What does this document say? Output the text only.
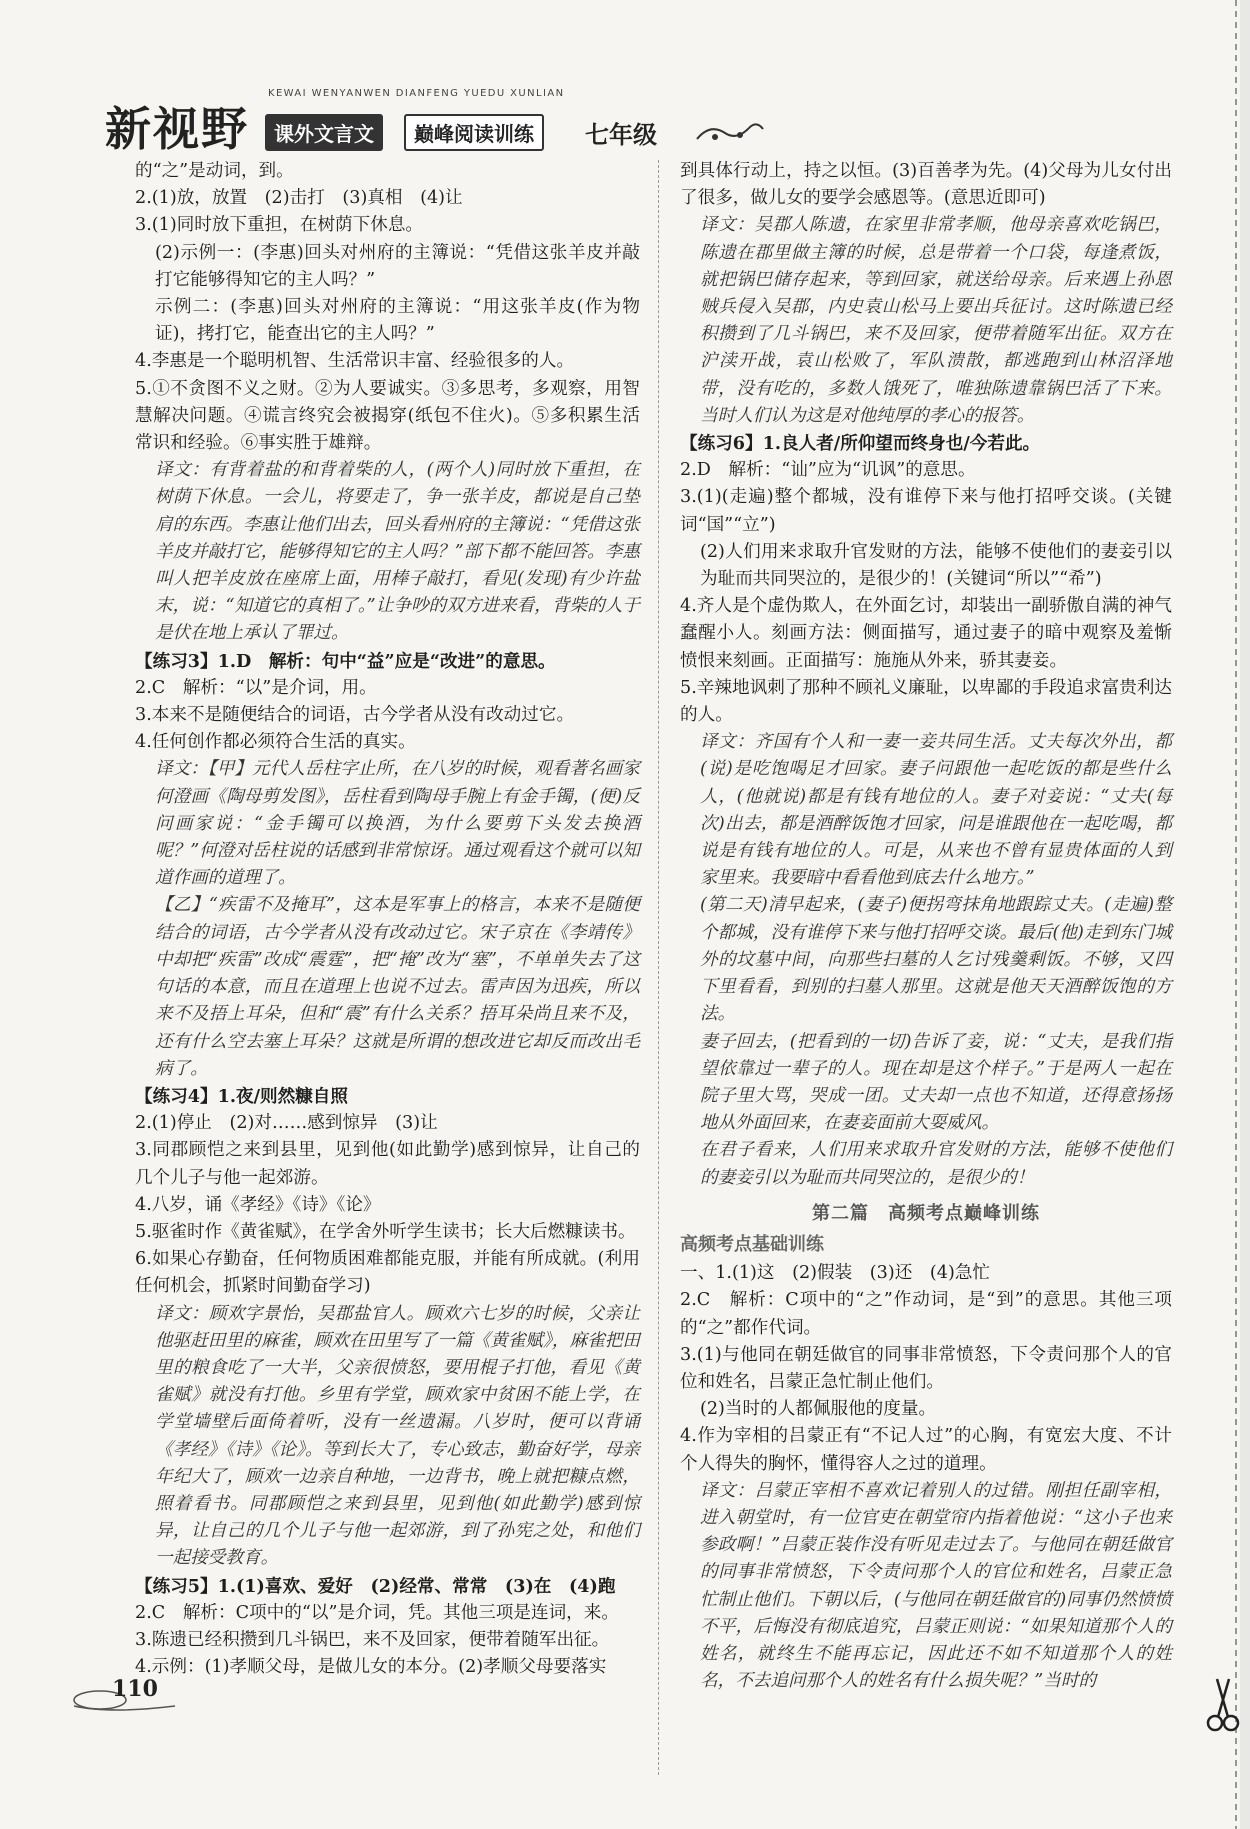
新视野
KEWAI WENYANWEN DIANFENG YUEDU XUNLIAN
课外文言文	巅峰阅读训练	七年级

的“之”是动词，到。

2.(1)放，放置　(2)击打　(3)真相　(4)让

3.(1)同时放下重担，在树荫下休息。

(2)示例一：(李惠)回头对州府的主簿说：“凭借这张羊皮并敲打它能够得知它的主人吗？”

示例二：(李惠)回头对州府的主簿说：“用这张羊皮(作为物证)，拷打它，能查出它的主人吗？”

4.李惠是一个聪明机智、生活常识丰富、经验很多的人。

5.①不贪图不义之财。②为人要诚实。③多思考，多观察，用智慧解决问题。④谎言终究会被揭穿(纸包不住火)。⑤多积累生活常识和经验。⑥事实胜于雄辩。

译文：有背着盐的和背着柴的人，(两个人)同时放下重担，在树荫下休息。一会儿，将要走了，争一张羊皮，都说是自己垫肩的东西。李惠让他们出去，回头看州府的主簿说：“凭借这张羊皮并敲打它，能够得知它的主人吗？”部下都不能回答。李惠叫人把羊皮放在座席上面，用棒子敲打，看见(发现)有少许盐末，说：“知道它的真相了。”让争吵的双方进来看，背柴的人于是伏在地上承认了罪过。

【练习3】1.D　解析：句中“益”应是“改进”的意思。

2.C　解析：“以”是介词，用。

3.本来不是随便结合的词语，古今学者从没有改动过它。

4.任何创作都必须符合生活的真实。

译文：【甲】元代人岳柱字止所，在八岁的时候，观看著名画家何澄画《陶母剪发图》，岳柱看到陶母手腕上有金手镯，(便)反问画家说：“金手镯可以换酒，为什么要剪下头发去换酒呢？”何澄对岳柱说的话感到非常惊讶。通过观看这个就可以知道作画的道理了。

【乙】“疾雷不及掩耳”，这本是军事上的格言，本来不是随便结合的词语，古今学者从没有改动过它。宋子京在《李靖传》中却把“疾雷”改成“震霆”，把“掩”改为“塞”，不单单失去了这句话的本意，而且在道理上也说不过去。雷声因为迅疾，所以来不及捂上耳朵，但和“震”有什么关系？捂耳朵尚且来不及，还有什么空去塞上耳朵？这就是所谓的想改进它却反而改出毛病了。

【练习4】1.夜/则然糠自照

2.(1)停止　(2)对……感到惊异　(3)让

3.同郡顾恺之来到县里，见到他(如此勤学)感到惊异，让自己的几个儿子与他一起郊游。

4.八岁，诵《孝经》《诗》《论》

5.驱雀时作《黄雀赋》，在学舍外听学生读书；长大后燃糠读书。

6.如果心存勤奋，任何物质困难都能克服，并能有所成就。(利用任何机会，抓紧时间勤奋学习)

译文：顾欢字景怡，吴郡盐官人。顾欢六七岁的时候，父亲让他驱赶田里的麻雀，顾欢在田里写了一篇《黄雀赋》，麻雀把田里的粮食吃了一大半，父亲很愤怒，要用棍子打他，看见《黄雀赋》就没有打他。乡里有学堂，顾欢家中贫困不能上学，在学堂墙壁后面倚着听，没有一丝遗漏。八岁时，便可以背诵《孝经》《诗》《论》。等到长大了，专心致志，勤奋好学，母亲年纪大了，顾欢一边亲自种地，一边背书，晚上就把糠点燃，照着看书。同郡顾恺之来到县里，见到他(如此勤学)感到惊异，让自己的几个儿子与他一起郊游，到了孙宪之处，和他们一起接受教育。

【练习5】1.(1)喜欢、爱好　(2)经常、常常　(3)在　(4)跑

2.C　解析：C项中的“以”是介词，凭。其他三项是连词，来。

3.陈遗已经积攒到几斗锅巴，来不及回家，便带着随军出征。

4.示例：(1)孝顺父母，是做儿女的本分。(2)孝顺父母要落实

到具体行动上，持之以恒。(3)百善孝为先。(4)父母为儿女付出了很多，做儿女的要学会感恩等。(意思近即可)

译文：吴郡人陈遗，在家里非常孝顺，他母亲喜欢吃锅巴，陈遗在郡里做主簿的时候，总是带着一个口袋，每逢煮饭，就把锅巴储存起来，等到回家，就送给母亲。后来遇上孙恩贼兵侵入吴郡，内史袁山松马上要出兵征讨。这时陈遗已经积攒到了几斗锅巴，来不及回家，便带着随军出征。双方在沪渎开战，袁山松败了，军队溃散，都逃跑到山林沼泽地带，没有吃的，多数人饿死了，唯独陈遗靠锅巴活了下来。当时人们认为这是对他纯厚的孝心的报答。

【练习6】1.良人者/所仰望而终身也/今若此。

2.D　解析：“讪”应为“讥讽”的意思。

3.(1)(走遍)整个都城，没有谁停下来与他打招呼交谈。(关键词“国”“立”)

(2)人们用来求取升官发财的方法，能够不使他们的妻妾引以为耻而共同哭泣的，是很少的！(关键词“所以”“希”)

4.齐人是个虚伪欺人，在外面乞讨，却装出一副骄傲自满的神气蠢醒小人。刻画方法：侧面描写，通过妻子的暗中观察及羞惭愤恨来刻画。正面描写：施施从外来，骄其妻妾。

5.辛辣地讽刺了那种不顾礼义廉耻，以卑鄙的手段追求富贵利达的人。

译文：齐国有个人和一妻一妾共同生活。丈夫每次外出，都(说)是吃饱喝足才回家。妻子问跟他一起吃饭的都是些什么人，(他就说)都是有钱有地位的人。妻子对妾说：“丈夫(每次)出去，都是酒醉饭饱才回家，问是谁跟他在一起吃喝，都说是有钱有地位的人。可是，从来也不曾有显贵体面的人到家里来。我要暗中看看他到底去什么地方。”

(第二天)清早起来，(妻子)便拐弯抹角地跟踪丈夫。(走遍)整个都城，没有谁停下来与他打招呼交谈。最后(他)走到东门城外的坟墓中间，向那些扫墓的人乞讨残羹剩饭。不够，又四下里看看，到别的扫墓人那里。这就是他天天酒醉饭饱的方法。

妻子回去，(把看到的一切)告诉了妾，说：“丈夫，是我们指望依靠过一辈子的人。现在却是这个样子。”于是两人一起在院子里大骂，哭成一团。丈夫却一点也不知道，还得意扬扬地从外面回来，在妻妾面前大耍威风。

在君子看来，人们用来求取升官发财的方法，能够不使他们的妻妾引以为耻而共同哭泣的，是很少的！

第二篇　高频考点巅峰训练
高频考点基础训练

一、1.(1)这　(2)假装　(3)还　(4)急忙

2.C　解析：C项中的“之”作动词，是“到”的意思。其他三项的“之”都作代词。

3.(1)与他同在朝廷做官的同事非常愤怒，下令责问那个人的官位和姓名，吕蒙正急忙制止他们。

(2)当时的人都佩服他的度量。

4.作为宰相的吕蒙正有“不记人过”的心胸，有宽宏大度、不计个人得失的胸怀，懂得容人之过的道理。

译文：吕蒙正宰相不喜欢记着别人的过错。刚担任副宰相，进入朝堂时，有一位官吏在朝堂帘内指着他说：“这小子也来参政啊！”吕蒙正装作没有听见走过去了。与他同在朝廷做官的同事非常愤怒，下令责问那个人的官位和姓名，吕蒙正急忙制止他们。下朝以后，(与他同在朝廷做官的)同事仍然愤愤不平，后悔没有彻底追究，吕蒙正则说：“如果知道那个人的姓名，就终生不能再忘记，因此还不如不知道那个人的姓名，不去追问那个人的姓名有什么损失呢？”当时的

110
